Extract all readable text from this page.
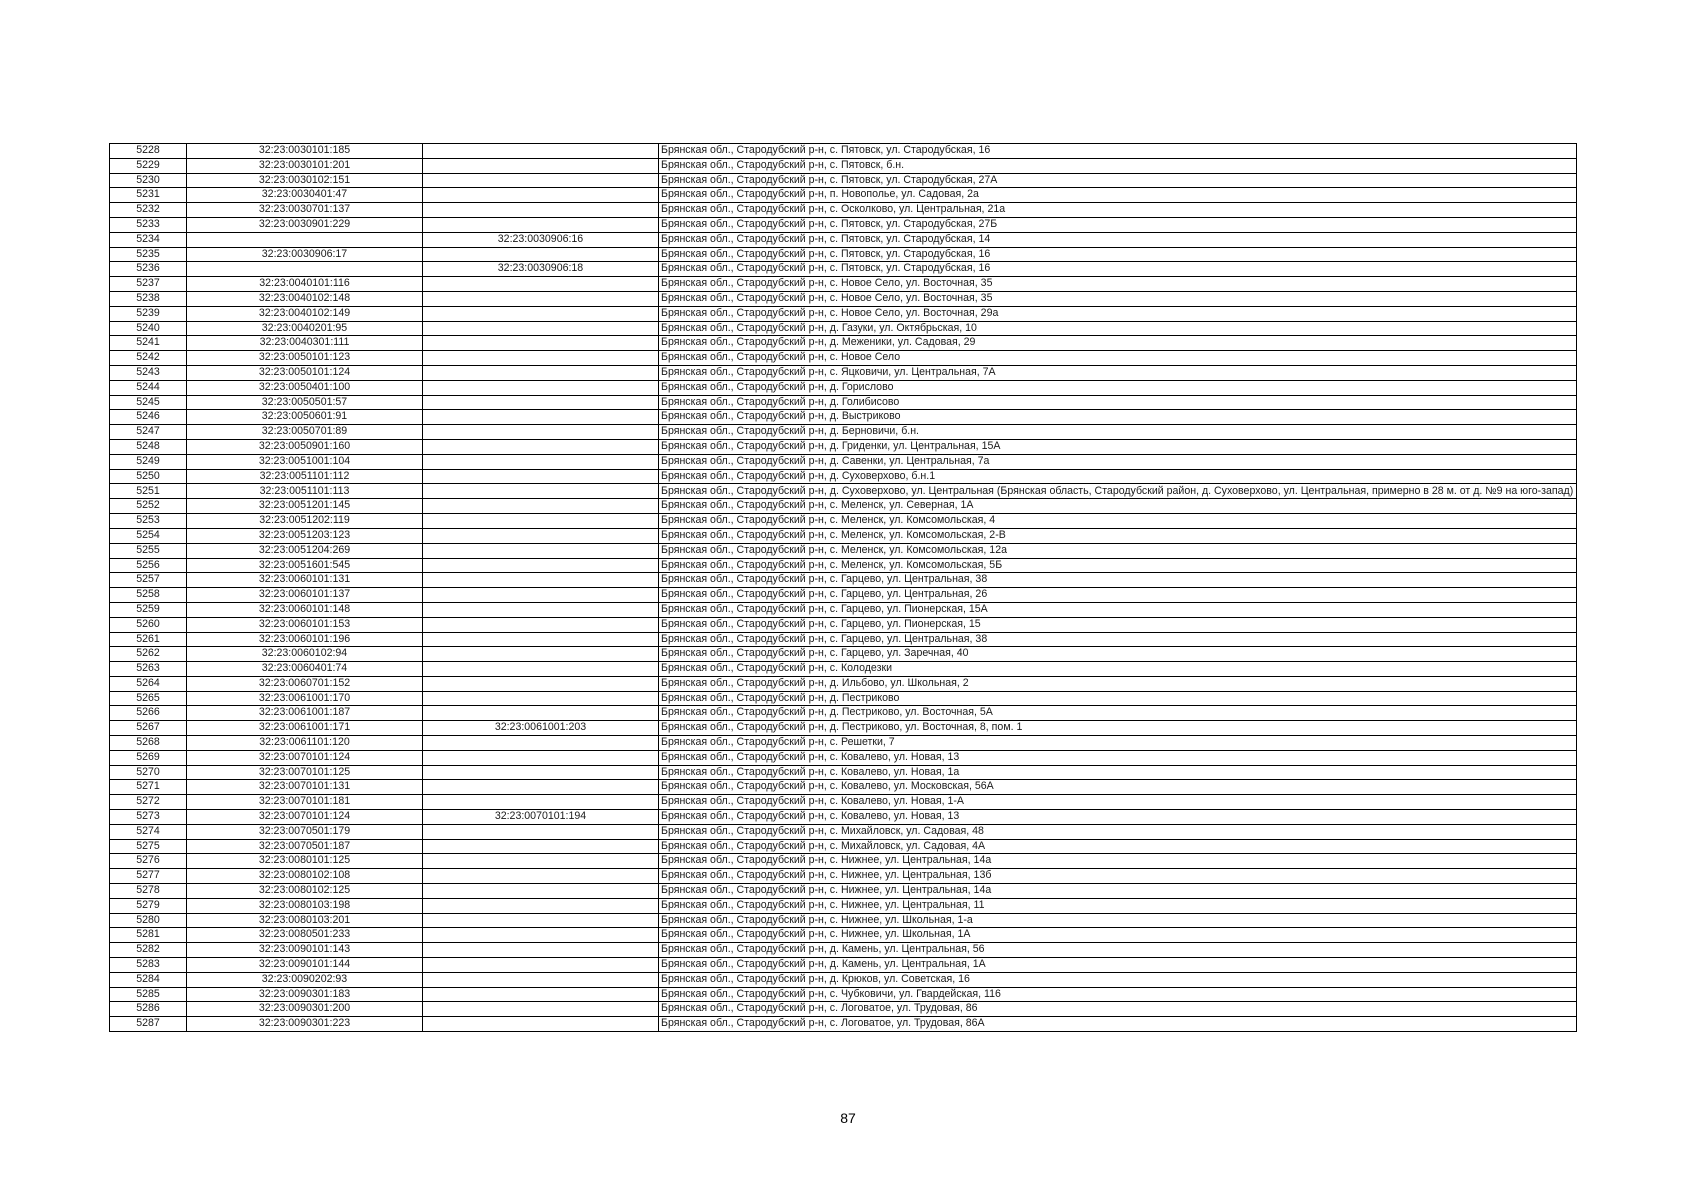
5228	32:23:0030101:185		Брянская обл., Стародубский р-н, с. Пятовск, ул. Стародубская, 16
5229	32:23:0030101:201		Брянская обл., Стародубский р-н, с. Пятовск, б.н.
5230	32:23:0030102:151		Брянская обл., Стародубский р-н, с. Пятовск, ул. Стародубская, 27А
5231	32:23:0030401:47		Брянская обл., Стародубский р-н, п. Новополье, ул. Садовая, 2а
5232	32:23:0030701:137		Брянская обл., Стародубский р-н, с. Осколково, ул. Центральная, 21а
5233	32:23:0030901:229		Брянская обл., Стародубский р-н, с. Пятовск, ул. Стародубская, 27Б
5234		32:23:0030906:16	Брянская обл., Стародубский р-н, с. Пятовск, ул. Стародубская, 14
5235	32:23:0030906:17		Брянская обл., Стародубский р-н, с. Пятовск, ул. Стародубская, 16
5236		32:23:0030906:18	Брянская обл., Стародубский р-н, с. Пятовск, ул. Стародубская, 16
5237	32:23:0040101:116		Брянская обл., Стародубский р-н, с. Новое Село, ул. Восточная, 35
5238	32:23:0040102:148		Брянская обл., Стародубский р-н, с. Новое Село, ул. Восточная, 35
5239	32:23:0040102:149		Брянская обл., Стародубский р-н, с. Новое Село, ул. Восточная, 29а
5240	32:23:0040201:95		Брянская обл., Стародубский р-н, д. Газуки, ул. Октябрьская, 10
5241	32:23:0040301:111		Брянская обл., Стародубский р-н, д. Меженики, ул. Садовая, 29
5242	32:23:0050101:123		Брянская обл., Стародубский р-н, с. Новое Село
5243	32:23:0050101:124		Брянская обл., Стародубский р-н, с. Яцковичи, ул. Центральная, 7А
5244	32:23:0050401:100		Брянская обл., Стародубский р-н, д. Горислово
5245	32:23:0050501:57		Брянская обл., Стародубский р-н, д. Голибисово
5246	32:23:0050601:91		Брянская обл., Стародубский р-н, д. Выстриково
5247	32:23:0050701:89		Брянская обл., Стародубский р-н, д. Берновичи, б.н.
5248	32:23:0050901:160		Брянская обл., Стародубский р-н, д. Гриденки, ул. Центральная, 15А
5249	32:23:0051001:104		Брянская обл., Стародубский р-н, д. Савенки, ул. Центральная, 7а
5250	32:23:0051101:112		Брянская обл., Стародубский р-н, д. Суховерхово, б.н.1
5251	32:23:0051101:113		Брянская обл., Стародубский р-н, д. Суховерхово, ул. Центральная (Брянская область, Стародубский район, д. Суховерхово, ул. Центральная, примерно в 28 м. от д. №9 на юго-запад)
5252	32:23:0051201:145		Брянская обл., Стародубский р-н, с. Меленск, ул. Северная, 1А
5253	32:23:0051202:119		Брянская обл., Стародубский р-н, с. Меленск, ул. Комсомольская, 4
5254	32:23:0051203:123		Брянская обл., Стародубский р-н, с. Меленск, ул. Комсомольская, 2-В
5255	32:23:0051204:269		Брянская обл., Стародубский р-н, с. Меленск, ул. Комсомольская, 12а
5256	32:23:0051601:545		Брянская обл., Стародубский р-н, с. Меленск, ул. Комсомольская, 5Б
5257	32:23:0060101:131		Брянская обл., Стародубский р-н, с. Гарцево, ул. Центральная, 38
5258	32:23:0060101:137		Брянская обл., Стародубский р-н, с. Гарцево, ул. Центральная, 26
5259	32:23:0060101:148		Брянская обл., Стародубский р-н, с. Гарцево, ул. Пионерская, 15А
5260	32:23:0060101:153		Брянская обл., Стародубский р-н, с. Гарцево, ул. Пионерская, 15
5261	32:23:0060101:196		Брянская обл., Стародубский р-н, с. Гарцево, ул. Центральная, 38
5262	32:23:0060102:94		Брянская обл., Стародубский р-н, с. Гарцево, ул. Заречная, 40
5263	32:23:0060401:74		Брянская обл., Стародубский р-н, с. Колодезки
5264	32:23:0060701:152		Брянская обл., Стародубский р-н, д. Ильбово, ул. Школьная, 2
5265	32:23:0061001:170		Брянская обл., Стародубский р-н, д. Пестриково
5266	32:23:0061001:187		Брянская обл., Стародубский р-н, д. Пестриково, ул. Восточная, 5А
5267	32:23:0061001:171	32:23:0061001:203	Брянская обл., Стародубский р-н, д. Пестриково, ул. Восточная, 8, пом. 1
5268	32:23:0061101:120		Брянская обл., Стародубский р-н, с. Решетки, 7
5269	32:23:0070101:124		Брянская обл., Стародубский р-н, с. Ковалево, ул. Новая, 13
5270	32:23:0070101:125		Брянская обл., Стародубский р-н, с. Ковалево, ул. Новая, 1а
5271	32:23:0070101:131		Брянская обл., Стародубский р-н, с. Ковалево, ул. Московская, 56А
5272	32:23:0070101:181		Брянская обл., Стародубский р-н, с. Ковалево, ул. Новая, 1-А
5273	32:23:0070101:124	32:23:0070101:194	Брянская обл., Стародубский р-н, с. Ковалево, ул. Новая, 13
5274	32:23:0070501:179		Брянская обл., Стародубский р-н, с. Михайловск, ул. Садовая, 48
5275	32:23:0070501:187		Брянская обл., Стародубский р-н, с. Михайловск, ул. Садовая, 4А
5276	32:23:0080101:125		Брянская обл., Стародубский р-н, с. Нижнее, ул. Центральная, 14а
5277	32:23:0080102:108		Брянская обл., Стародубский р-н, с. Нижнее, ул. Центральная, 13б
5278	32:23:0080102:125		Брянская обл., Стародубский р-н, с. Нижнее, ул. Центральная, 14а
5279	32:23:0080103:198		Брянская обл., Стародубский р-н, с. Нижнее, ул. Центральная, 11
5280	32:23:0080103:201		Брянская обл., Стародубский р-н, с. Нижнее, ул. Школьная, 1-а
5281	32:23:0080501:233		Брянская обл., Стародубский р-н, с. Нижнее, ул. Школьная, 1А
5282	32:23:0090101:143		Брянская обл., Стародубский р-н, д. Камень, ул. Центральная, 56
5283	32:23:0090101:144		Брянская обл., Стародубский р-н, д. Камень, ул. Центральная, 1А
5284	32:23:0090202:93		Брянская обл., Стародубский р-н, д. Крюков, ул. Советская, 16
5285	32:23:0090301:183		Брянская обл., Стародубский р-н, с. Чубковичи, ул. Гвардейская, 116
5286	32:23:0090301:200		Брянская обл., Стародубский р-н, с. Логоватое, ул. Трудовая, 86
5287	32:23:0090301:223		Брянская обл., Стародубский р-н, с. Логоватое, ул. Трудовая, 86А
87
